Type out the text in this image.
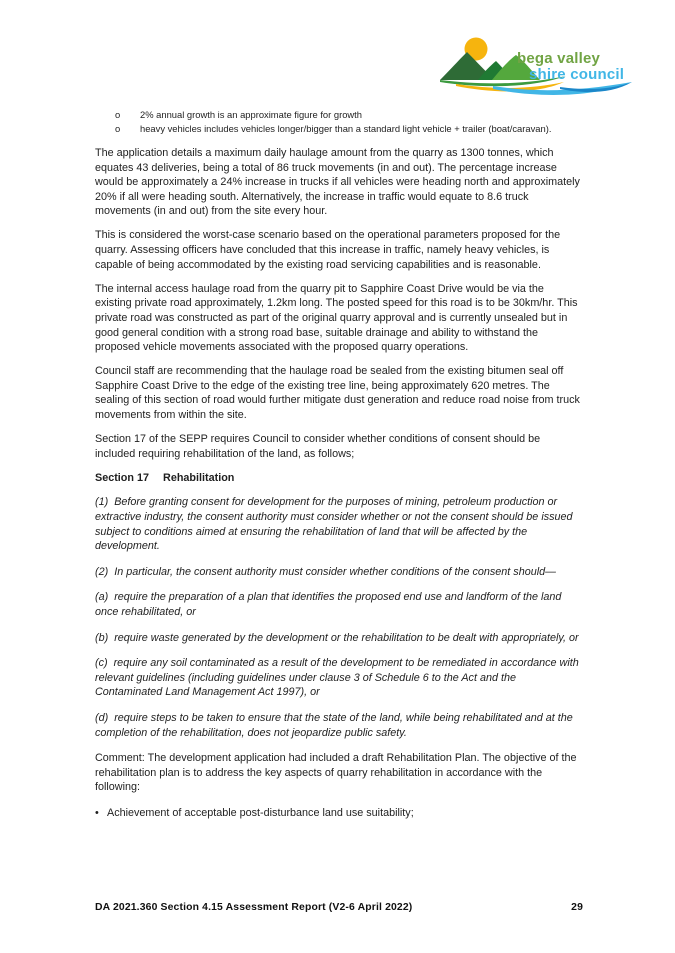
bega valley
shire council
o	2% annual growth is an approximate figure for growth
o	heavy vehicles includes vehicles longer/bigger than a standard light vehicle + trailer (boat/caravan).

The application details a maximum daily haulage amount from the quarry as 1300 tonnes, which equates 43 deliveries, being a total of 86 truck movements (in and out). The percentage increase would be approximately a 24% increase in trucks if all vehicles were heading north and approximately 20% if all were heading south. Alternatively, the increase in traffic would equate to 8.6 truck movements (in and out) from the site every hour.

This is considered the worst-case scenario based on the operational parameters proposed for the quarry. Assessing officers have concluded that this increase in traffic, namely heavy vehicles, is capable of being accommodated by the existing road servicing capabilities and is reasonable.

The internal access haulage road from the quarry pit to Sapphire Coast Drive would be via the existing private road approximately, 1.2km long. The posted speed for this road is to be 30km/hr. This private road was constructed as part of the original quarry approval and is currently unsealed but in good general condition with a strong road base, suitable drainage and ability to withstand the proposed vehicle movements associated with the proposed quarry operations.

Council staff are recommending that the haulage road be sealed from the existing bitumen seal off Sapphire Coast Drive to the edge of the existing tree line, being approximately 620 metres. The sealing of this section of road would further mitigate dust generation and reduce road noise from truck movements from within the site.

Section 17 of the SEPP requires Council to consider whether conditions of consent should be included requiring rehabilitation of the land, as follows;

Section 17 Rehabilitation

(1)  Before granting consent for development for the purposes of mining, petroleum production or extractive industry, the consent authority must consider whether or not the consent should be issued subject to conditions aimed at ensuring the rehabilitation of land that will be affected by the development.

(2)  In particular, the consent authority must consider whether conditions of the consent should—

(a)  require the preparation of a plan that identifies the proposed end use and landform of the land once rehabilitated, or

(b)  require waste generated by the development or the rehabilitation to be dealt with appropriately, or

(c)  require any soil contaminated as a result of the development to be remediated in accordance with relevant guidelines (including guidelines under clause 3 of Schedule 6 to the Act and the Contaminated Land Management Act 1997), or

(d)  require steps to be taken to ensure that the state of the land, while being rehabilitated and at the completion of the rehabilitation, does not jeopardize public safety.

Comment: The development application had included a draft Rehabilitation Plan. The objective of the rehabilitation plan is to address the key aspects of quarry rehabilitation in accordance with the following:

• Achievement of acceptable post-disturbance land use suitability;
DA 2021.360 Section 4.15 Assessment Report (V2-6 April 2022)	29
